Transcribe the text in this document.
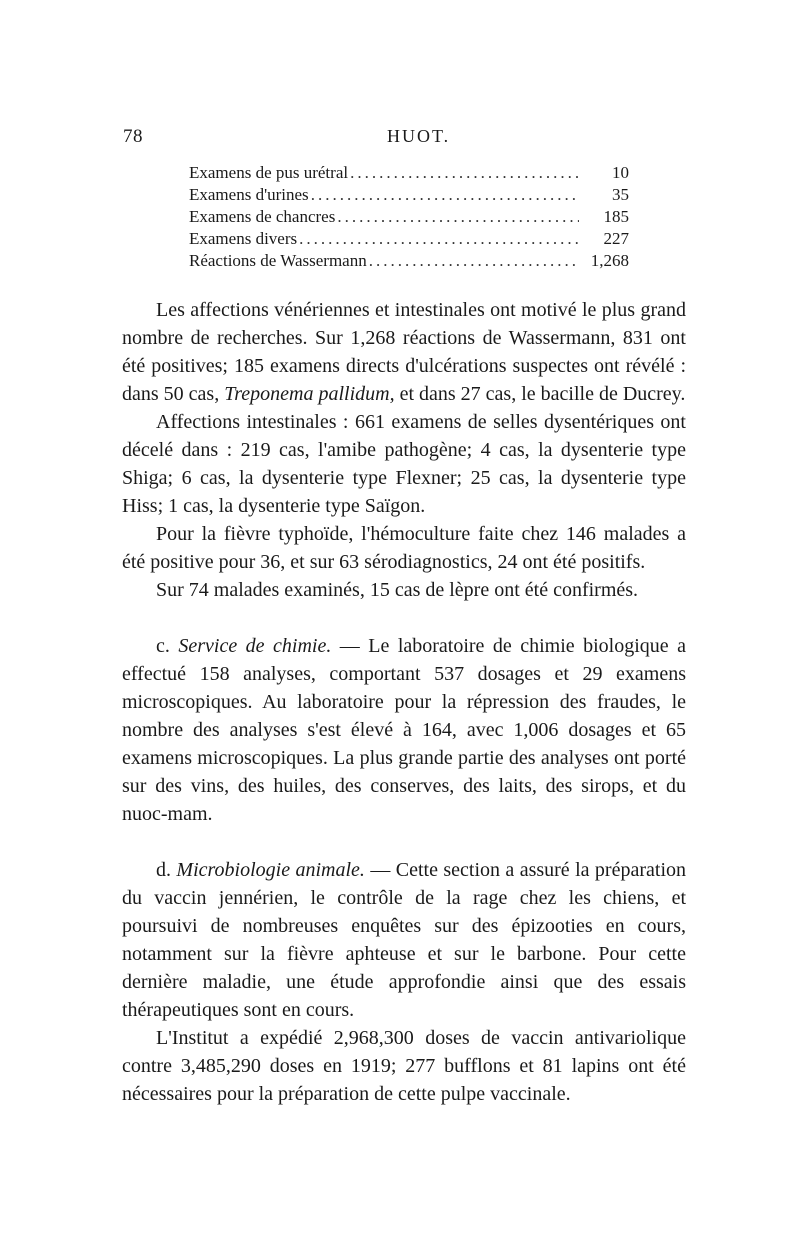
78	HUOT.
Examens de pus urétral .....	10
Examens d'urines .....	35
Examens de chancres .....	185
Examens divers .....	227
Réactions de Wassermann .....	1,268

Les affections vénériennes et intestinales ont motivé le plus grand nombre de recherches. Sur 1,268 réactions de Wassermann, 831 ont été positives; 185 examens directs d'ulcérations suspectes ont révélé : dans 50 cas, Treponema pallidum, et dans 27 cas, le bacille de Ducrey.

Affections intestinales : 661 examens de selles dysentériques ont décelé dans : 219 cas, l'amibe pathogène; 4 cas, la dysenterie type Shiga; 6 cas, la dysenterie type Flexner; 25 cas, la dysenterie type Hiss; 1 cas, la dysenterie type Saïgon.

Pour la fièvre typhoïde, l'hémoculture faite chez 146 malades a été positive pour 36, et sur 63 sérodiagnostics, 24 ont été positifs.

Sur 74 malades examinés, 15 cas de lèpre ont été confirmés.

c. Service de chimie. — Le laboratoire de chimie biologique a effectué 158 analyses, comportant 537 dosages et 29 examens microscopiques. Au laboratoire pour la répression des fraudes, le nombre des analyses s'est élevé à 164, avec 1,006 dosages et 65 examens microscopiques. La plus grande partie des analyses ont porté sur des vins, des huiles, des conserves, des laits, des sirops, et du nuoc-mam.

d. Microbiologie animale. — Cette section a assuré la préparation du vaccin jennérien, le contrôle de la rage chez les chiens, et poursuivi de nombreuses enquêtes sur des épizooties en cours, notamment sur la fièvre aphteuse et sur le barbone. Pour cette dernière maladie, une étude approfondie ainsi que des essais thérapeutiques sont en cours.

L'Institut a expédié 2,968,300 doses de vaccin antivariolique contre 3,485,290 doses en 1919; 277 bufflons et 81 lapins ont été nécessaires pour la préparation de cette pulpe vaccinale.
